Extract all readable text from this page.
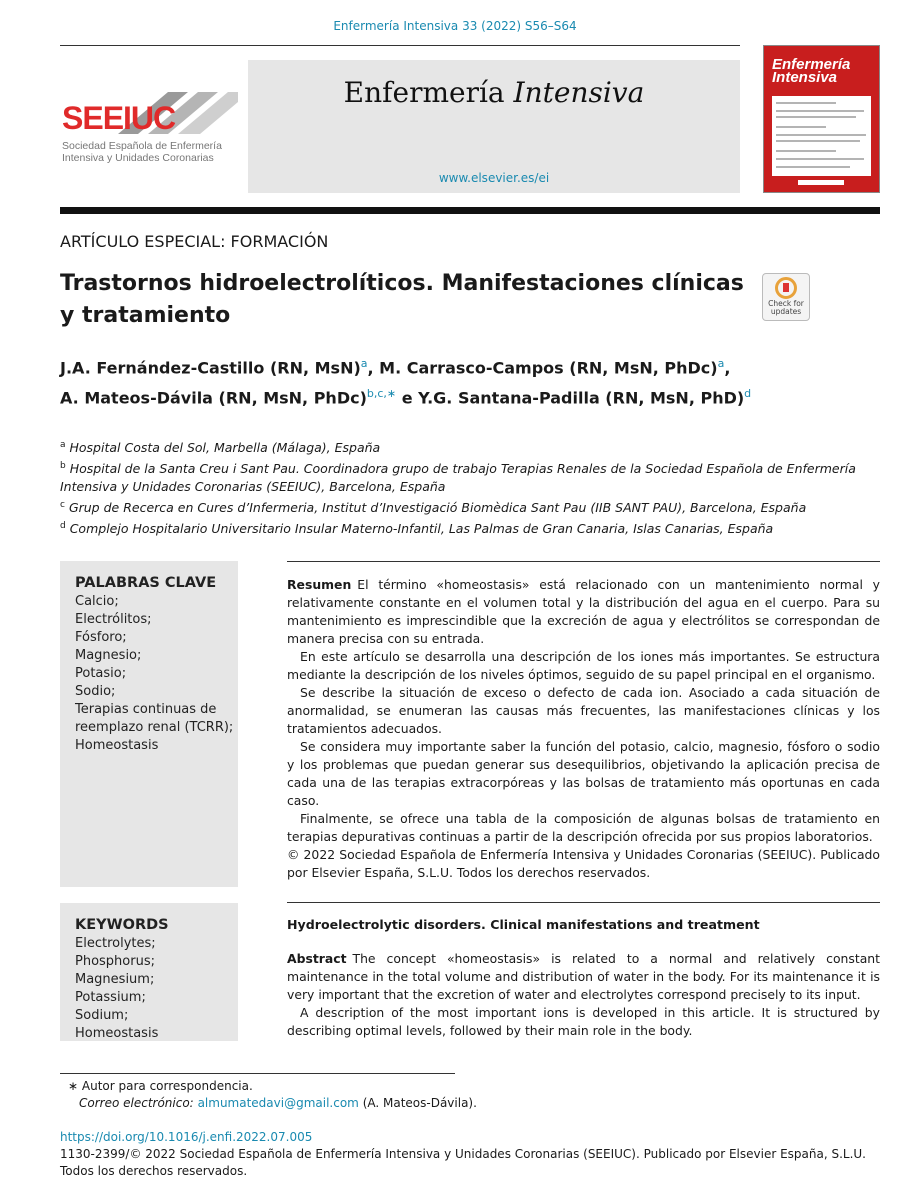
Enfermería Intensiva 33 (2022) S56–S64
SEEIUC
Sociedad Española de Enfermería
Intensiva y Unidades Coronarias
Enfermería Intensiva
www.elsevier.es/ei
Enfermería
Intensiva
ARTÍCULO ESPECIAL: FORMACIÓN
Trastornos hidroelectrolíticos. Manifestaciones clínicas y tratamiento	Check for
updates
J.A. Fernández-Castillo (RN, MsN)$^a$, M. Carrasco-Campos (RN, MsN, PhDc)$^a$,
A. Mateos-Dávila (RN, MsN, PhDc)$^{b,c,∗}$ e Y.G. Santana-Padilla (RN, MsN, PhD)$^d$

$^a$ Hospital Costa del Sol, Marbella (Málaga), España

$^b$ Hospital de la Santa Creu i Sant Pau. Coordinadora grupo de trabajo Terapias Renales de la Sociedad Española de Enfermería Intensiva y Unidades Coronarias (SEEIUC), Barcelona, España

$^c$ Grup de Recerca en Cures d’Infermeria, Institut d’Investigació Biomèdica Sant Pau (IIB SANT PAU), Barcelona, España

$^d$ Complejo Hospitalario Universitario Insular Materno-Infantil, Las Palmas de Gran Canaria, Islas Canarias, España

PALABRAS CLAVE
Calcio;
Electrólitos;
Fósforo;
Magnesio;
Potasio;
Sodio;
Terapias continuas de reemplazo renal (TCRR);
Homeostasis

Resumen El término «homeostasis» está relacionado con un mantenimiento normal y relativamente constante en el volumen total y la distribución del agua en el cuerpo. Para su mantenimiento es imprescindible que la excreción de agua y electrólitos se correspondan de manera precisa con su entrada.

En este artículo se desarrolla una descripción de los iones más importantes. Se estructura mediante la descripción de los niveles óptimos, seguido de su papel principal en el organismo.

Se describe la situación de exceso o defecto de cada ion. Asociado a cada situación de anormalidad, se enumeran las causas más frecuentes, las manifestaciones clínicas y los tratamientos adecuados.

Se considera muy importante saber la función del potasio, calcio, magnesio, fósforo o sodio y los problemas que puedan generar sus desequilibrios, objetivando la aplicación precisa de cada una de las terapias extracorpóreas y las bolsas de tratamiento más oportunas en cada caso.

Finalmente, se ofrece una tabla de la composición de algunas bolsas de tratamiento en terapias depurativas continuas a partir de la descripción ofrecida por sus propios laboratorios.

© 2022 Sociedad Española de Enfermería Intensiva y Unidades Coronarias (SEEIUC). Publicado por Elsevier España, S.L.U. Todos los derechos reservados.

KEYWORDS
Electrolytes;
Phosphorus;
Magnesium;
Potassium;
Sodium;
Homeostasis
Hydroelectrolytic disorders. Clinical manifestations and treatment

Abstract The concept «homeostasis» is related to a normal and relatively constant maintenance in the total volume and distribution of water in the body. For its maintenance it is very important that the excretion of water and electrolytes correspond precisely to its input.

A description of the most important ions is developed in this article. It is structured by describing optimal levels, followed by their main role in the body.

∗ Autor para correspondencia.
Correo electrónico: almumatedavi@gmail.com (A. Mateos-Dávila).
https://doi.org/10.1016/j.enfi.2022.07.005
1130-2399/© 2022 Sociedad Española de Enfermería Intensiva y Unidades Coronarias (SEEIUC). Publicado por Elsevier España, S.L.U. Todos los derechos reservados.
